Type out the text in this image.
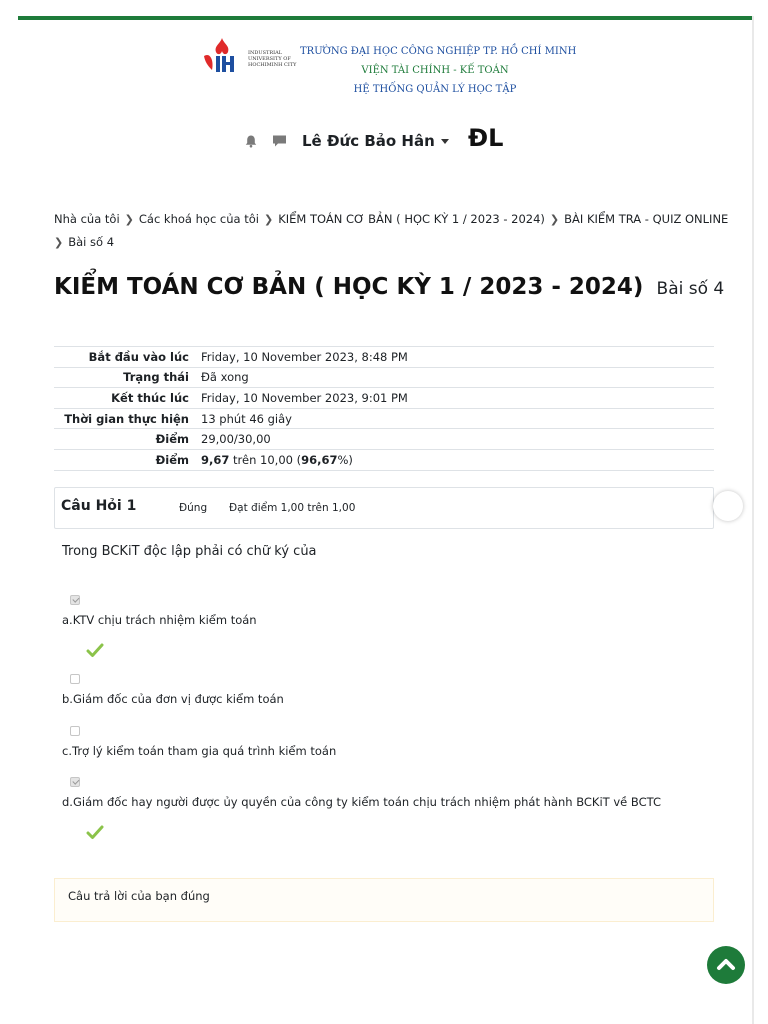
INDUSTRIAL
UNIVERSITY OF
HOCHIMINH CITY
TRƯỜNG ĐẠI HỌC CÔNG NGHIỆP TP. HỒ CHÍ MINH
VIỆN TÀI CHÍNH - KẾ TOÁN
HỆ THỐNG QUẢN LÝ HỌC TẬP
Lê Đức Bảo Hân ĐL
Nhà của tôi ❯ Các khoá học của tôi ❯ KIỂM TOÁN CƠ BẢN ( HỌC KỲ 1 / 2023 - 2024) ❯ BÀI KIỂM TRA - QUIZ ONLINE
❯ Bài số 4
KIỂM TOÁN CƠ BẢN ( HỌC KỲ 1 / 2023 - 2024) Bài số 4
Bắt đầu vào lúc	Friday, 10 November 2023, 8:48 PM
Trạng thái	Đã xong
Kết thúc lúc	Friday, 10 November 2023, 9:01 PM
Thời gian thực hiện	13 phút 46 giây
Điểm	29,00/30,00
Điểm	9,67 trên 10,00 (96,67%)
Câu Hỏi 1	Đúng Đạt điểm 1,00 trên 1,00
Trong BCKiT độc lập phải có chữ ký của
a.KTV chịu trách nhiệm kiểm toán
b.Giám đốc của đơn vị được kiểm toán
c.Trợ lý kiểm toán tham gia quá trình kiểm toán
d.Giám đốc hay người được ủy quyền của công ty kiểm toán chịu trách nhiệm phát hành BCKiT về BCTC
Câu trả lời của bạn đúng
